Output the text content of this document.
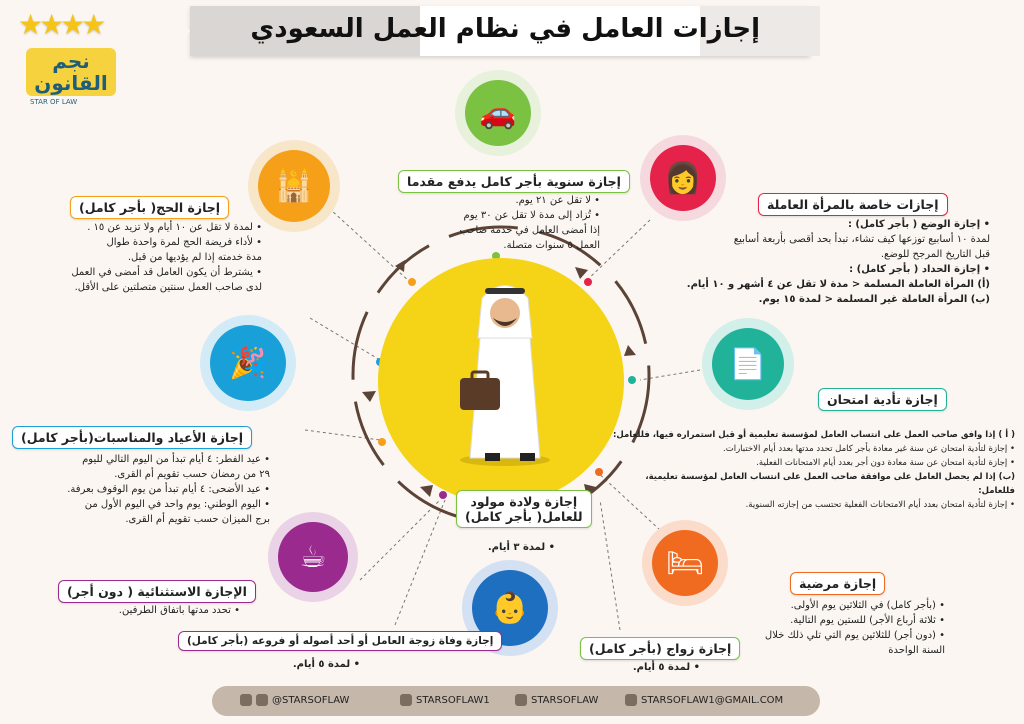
★★★★
نجم
القانون
STAR OF LAW
إجازات العامل في نظام العمل السعودي
🚗
👩
🕌
🎉	📄
🛏
☕
👶
إجازة سنوية بأجر كامل يدفع مقدما
• لا تقل عن ٢١ يوم.
• تُزاد إلى مدة لا تقل عن ٣٠ يوم
إذا أمضى العامل في خدمة صاحب
العمل ٥ سنوات متصلة.
إجازة الحج( بأجر كامل)
• لمدة لا تقل عن ١٠ أيام ولا تزيد عن ١٥ .
• لأداء فريضة الحج لمرة واحدة طوال
مدة خدمته إذا لم يؤديها من قبل.
• يشترط أن يكون العامل قد أمضى في العمل
لدى صاحب العمل سنتين متصلتين على الأقل.
إجازات خاصة بالمرأة العاملة
• إجازة الوضع ( بأجر كامل) :
لمدة ١٠ أسابيع توزعها كيف تشاء، تبدأ بحد أقصى بأربعة أسابيع
قبل التاريخ المرجح للوضع.
• إجازة الحداد ( بأجر كامل) :
(أ) المرأة العاملة المسلمة < مدة لا تقل عن ٤ أشهر و ١٠ أيام.
(ب) المرأة العاملة غير المسلمة < لمدة ١٥ يوم.
إجازة تأدية امتحان
( أ ) إذا وافق صاحب العمل على انتساب العامل لمؤسسة تعليمية أو قبل استمراره فيها، فللعامل:
• إجازة لتأدية امتحان عن سنة غير معادة بأجر كامل تحدد مدتها بعدد أيام الاختبارات.
• إجازة لتأدية امتحان عن سنة معادة دون أجر بعدد أيام الامتحانات الفعلية.
(ب) إذا لم يحصل العامل على موافقة صاحب العمل على انتساب العامل لمؤسسة تعليمية، فللعامل:
• إجازة لتأدية امتحان بعدد أيام الامتحانات الفعلية تحتسب من إجازته السنوية.
إجازة الأعياد والمناسبات(بأجر كامل)
• عيد الفطر: ٤ أيام تبدأ من اليوم التالي لليوم
٢٩ من رمضان حسب تقويم أم القرى.
• عيد الأضحى: ٤ أيام تبدأ من يوم الوقوف بعرفة.
• اليوم الوطني: يوم واحد في اليوم الأول من
برج الميزان حسب تقويم أم القرى.
إجازة ولادة مولود
للعامل( بأجر كامل)
• لمدة ٣ أيام.
إجازة مرضية
• (بأجر كامل) في الثلاثين يوم الأولى.
• ثلاثة أرباع الأجر) للستين يوم التالية.
• (دون أجر) للثلاثين يوم التي تلي ذلك خلال
السنة الواحدة
الإجازة الاستثنائية ( دون أجر)
• تحدد مدتها باتفاق الطرفين.
إجازة زواج (بأجر كامل)
• لمدة ٥ أيام.
إجازة وفاة زوجة العامل أو أحد أصوله أو فروعه (بأجر كامل)
• لمدة ٥ أيام.
@STARSOFLAW	STARSOFLAW1	STARSOFLAW	STARSOFLAW1@GMAIL.COM
